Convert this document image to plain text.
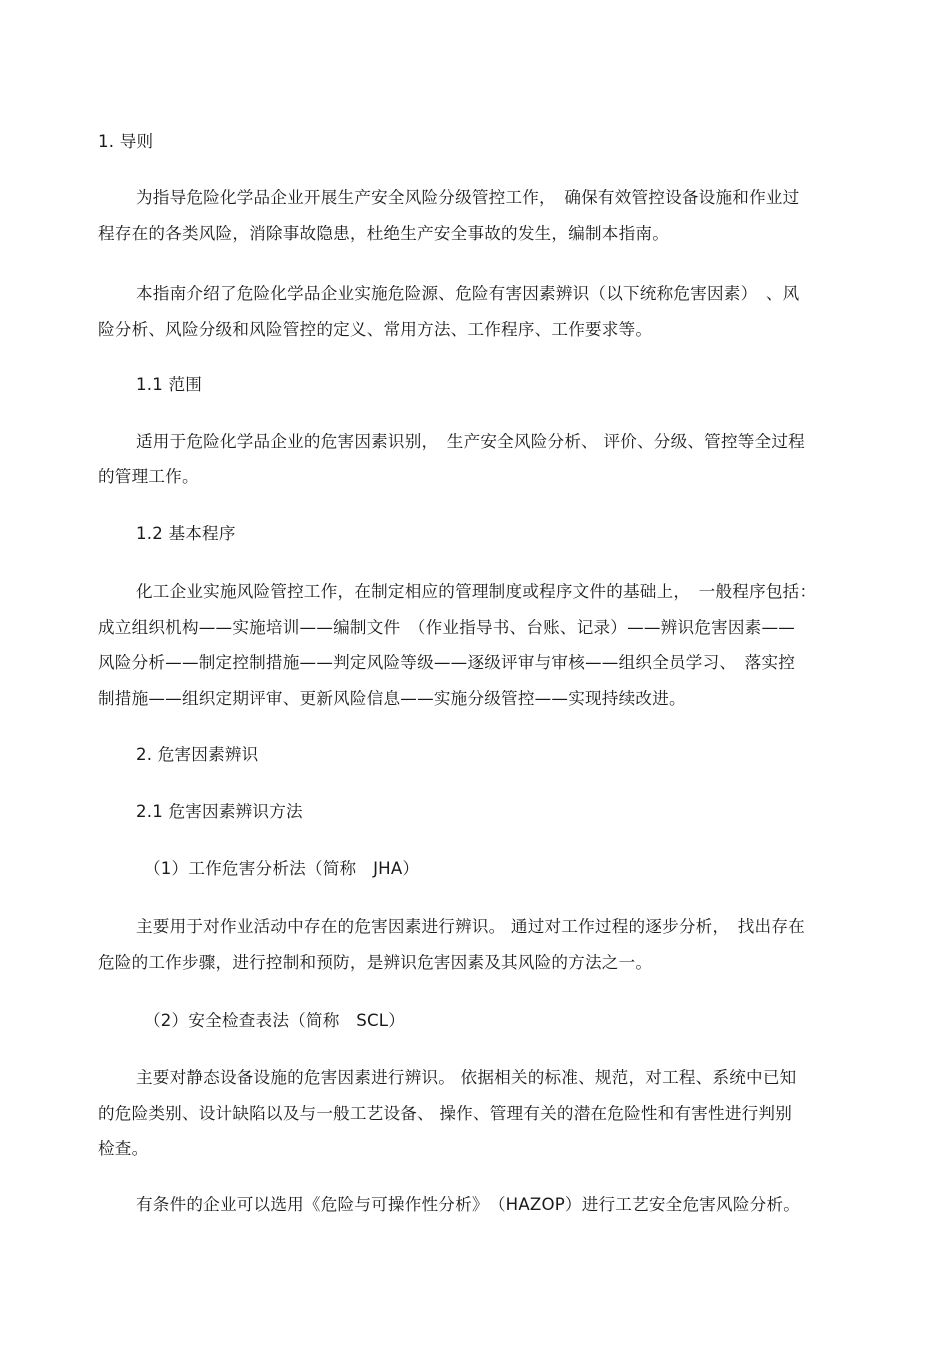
1. 导则
为指导危险化学品企业开展生产安全风险分级管控工作，　确保有效管控设备设施和作业过
程存在的各类风险，消除事故隐患，杜绝生产安全事故的发生，编制本指南。
本指南介绍了危险化学品企业实施危险源、危险有害因素辨识（以下统称危害因素）　、风
险分析、风险分级和风险管控的定义、常用方法、工作程序、工作要求等。
1.1 范围
适用于危险化学品企业的危害因素识别，　生产安全风险分析、 评价、分级、管控等全过程
的管理工作。
1.2 基本程序
化工企业实施风险管控工作，在制定相应的管理制度或程序文件的基础上，　一般程序包括：
成立组织机构——实施培训——编制文件　（作业指导书、台账、记录）——辨识危害因素——
风险分析——制定控制措施——判定风险等级——逐级评审与审核——组织全员学习、　落实控
制措施——组织定期评审、更新风险信息——实施分级管控——实现持续改进。
2. 危害因素辨识
2.1 危害因素辨识方法
（1）工作危害分析法（简称　JHA）
主要用于对作业活动中存在的危害因素进行辨识。 通过对工作过程的逐步分析，　找出存在
危险的工作步骤，进行控制和预防，是辨识危害因素及其风险的方法之一。
（2）安全检查表法（简称　SCL）
主要对静态设备设施的危害因素进行辨识。 依据相关的标准、规范，对工程、系统中已知
的危险类别、设计缺陷以及与一般工艺设备、 操作、管理有关的潜在危险性和有害性进行判别
检查。
有条件的企业可以选用《危险与可操作性分析》　（HAZOP）进行工艺安全危害风险分析。
